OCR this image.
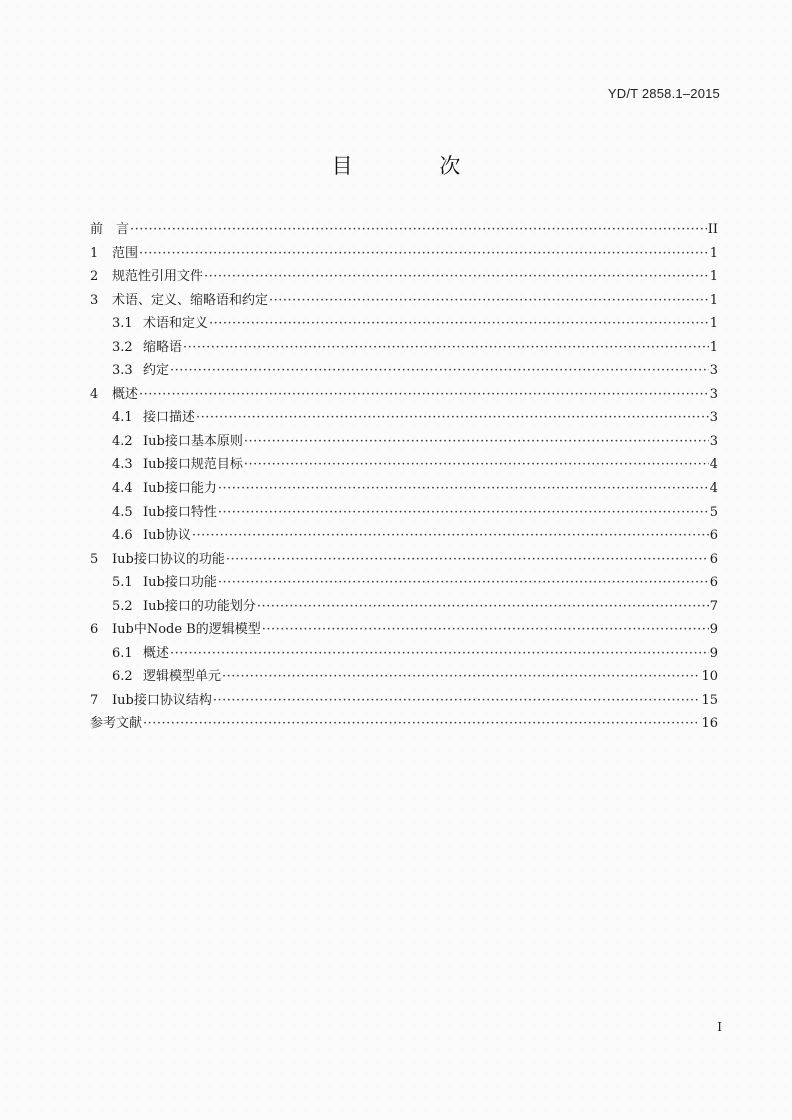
YD/T 2858.1–2015
目 次
前　言 ·····	II
1	范围 ·····	1
2	规范性引用文件 ·····	1
3	术语、定义、缩略语和约定 ·····	1
3.1 术语和定义 ·····	1
3.2 缩略语 ·····	1
3.3 约定 ·····	3
4	概述 ·····	3
4.1 接口描述 ·····	3
4.2 Iub接口基本原则 ·····	3
4.3 Iub接口规范目标 ·····	4
4.4 Iub接口能力 ·····	4
4.5 Iub接口特性 ·····	5
4.6 Iub协议 ·····	6
5	Iub接口协议的功能 ·····	6
5.1 Iub接口功能 ·····	6
5.2 Iub接口的功能划分 ·····	7
6	Iub中Node B的逻辑模型 ·····	9
6.1 概述 ·····	9
6.2 逻辑模型单元 ·····	10
7	Iub接口协议结构 ·····	15
参考文献 ·····	16
I
